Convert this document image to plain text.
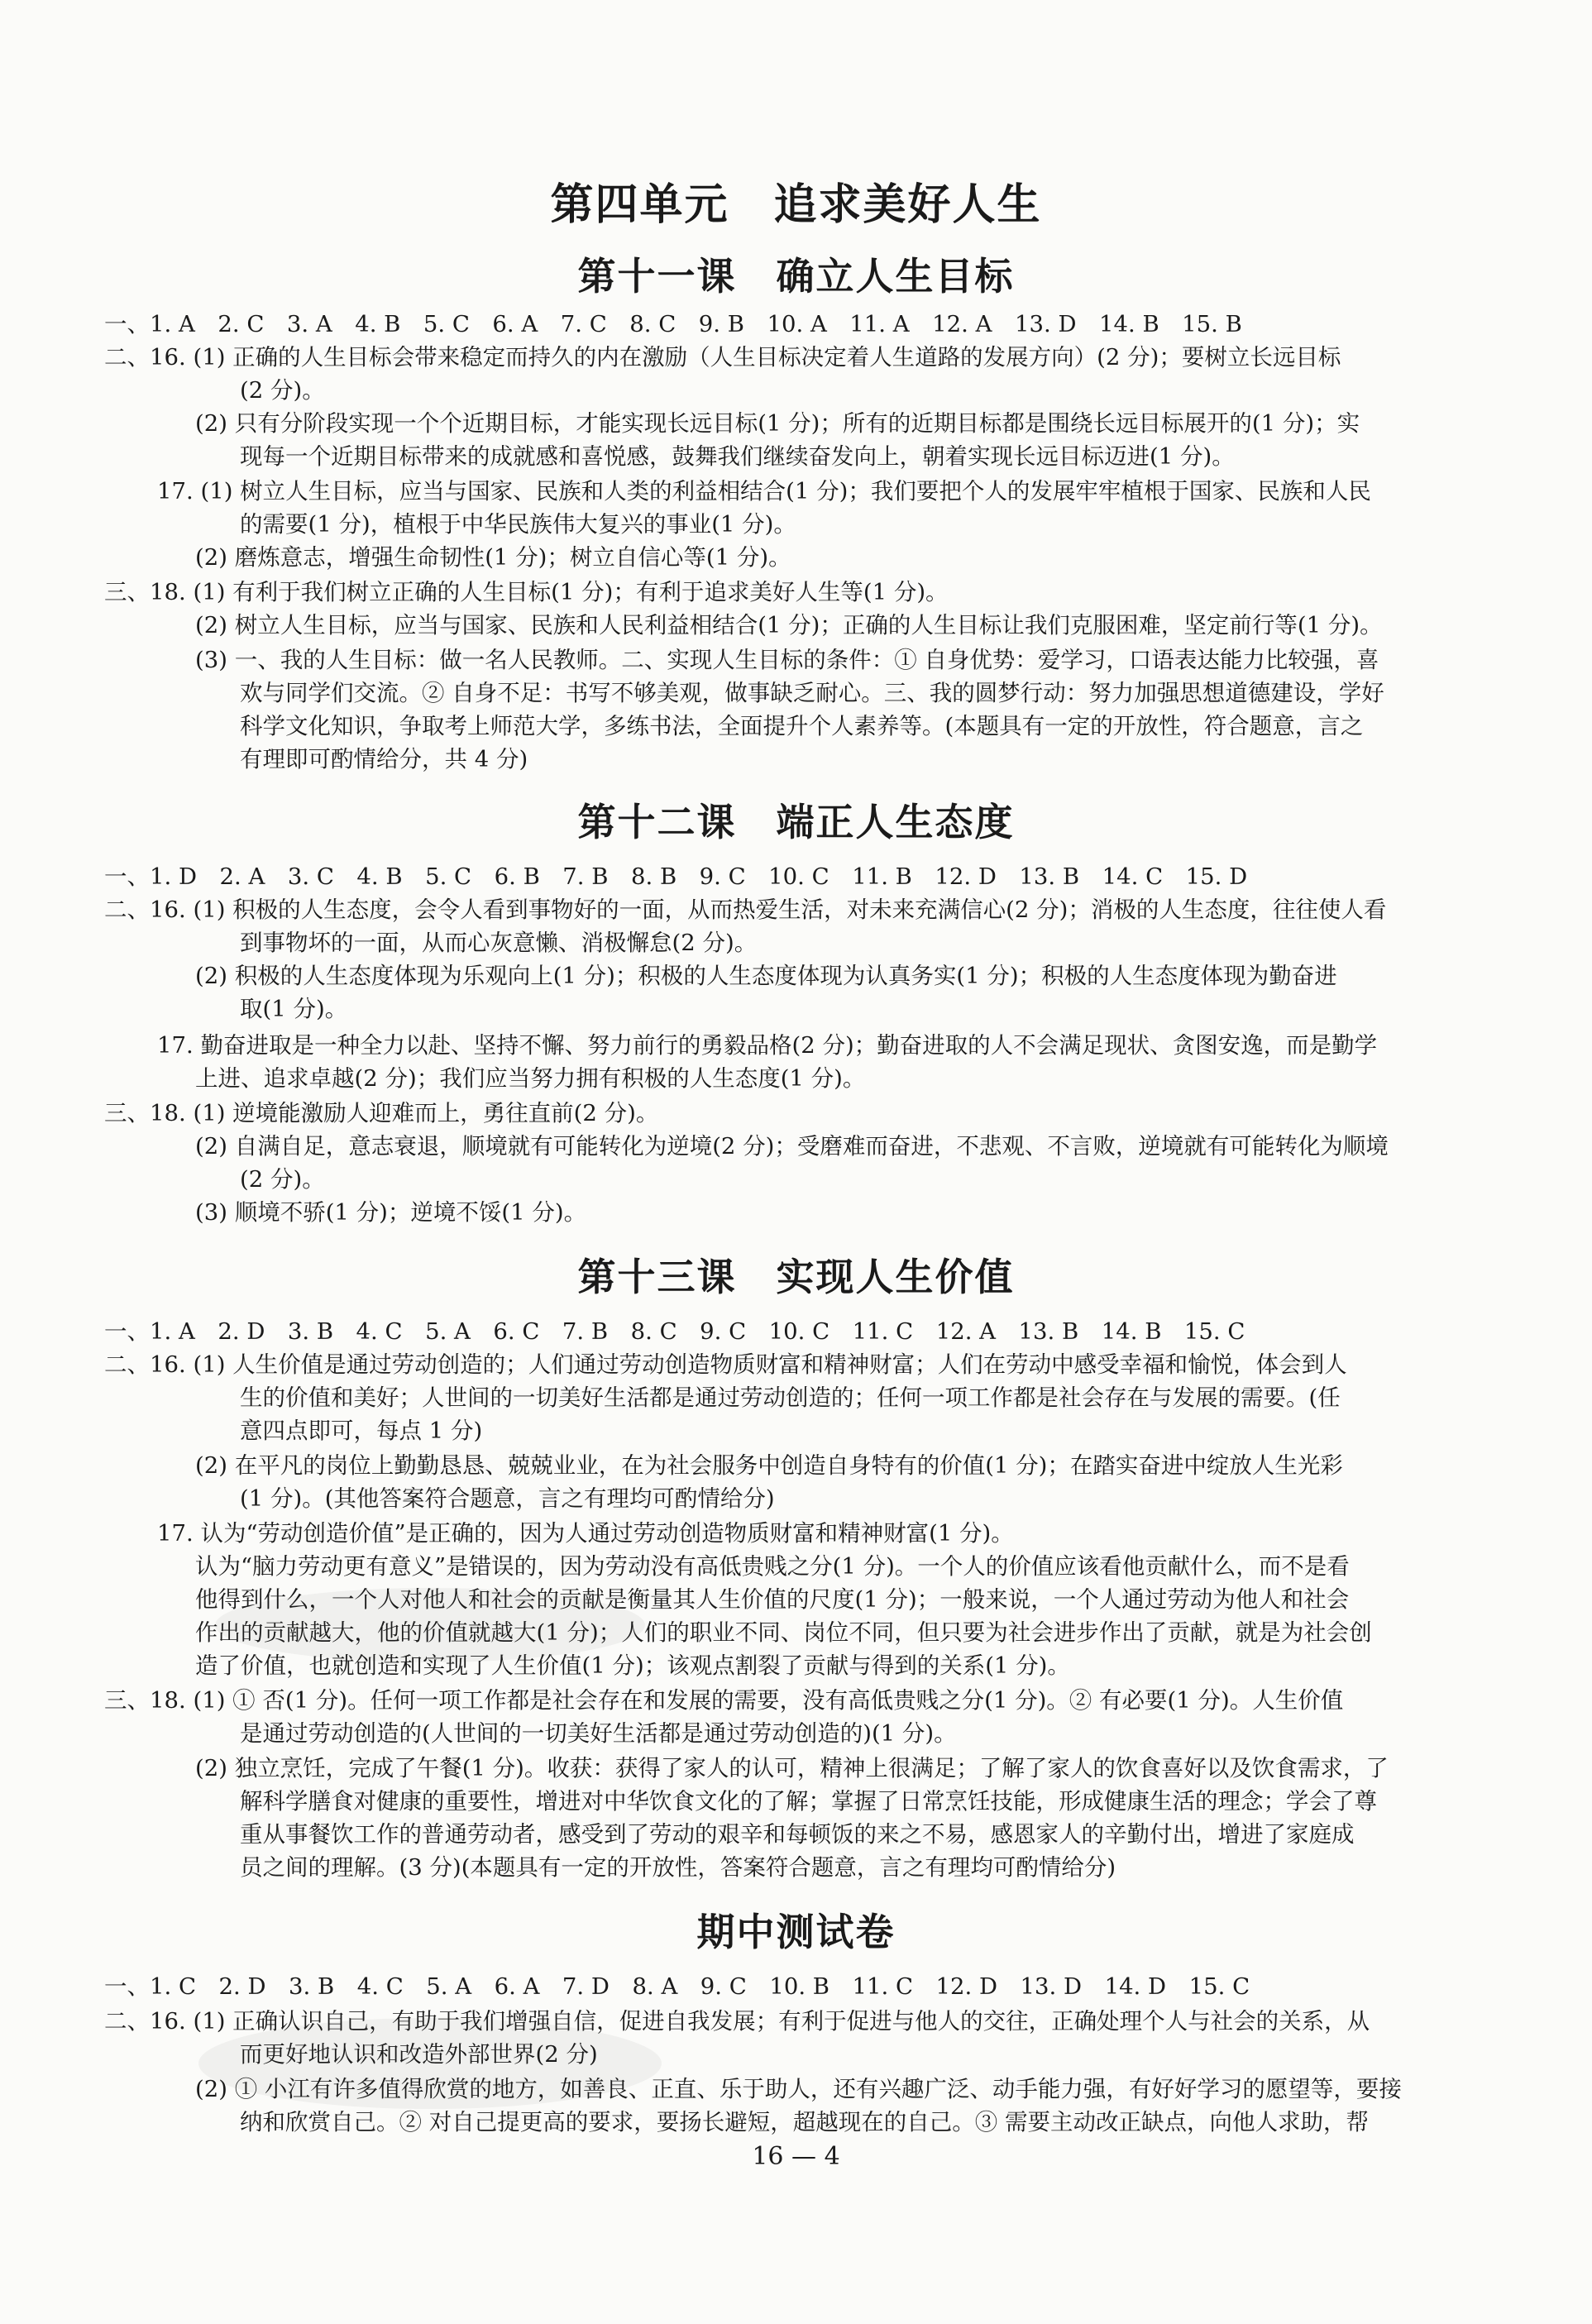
第四单元　追求美好人生
第十一课　确立人生目标
一、1. A　2. C　3. A　4. B　5. C　6. A　7. C　8. C　9. B　10. A　11. A　12. A　13. D　14. B　15. B
二、16. (1) 正确的人生目标会带来稳定而持久的内在激励（人生目标决定着人生道路的发展方向）(2 分)；要树立长远目标
(2 分)。
(2) 只有分阶段实现一个个近期目标，才能实现长远目标(1 分)；所有的近期目标都是围绕长远目标展开的(1 分)；实
现每一个近期目标带来的成就感和喜悦感，鼓舞我们继续奋发向上，朝着实现长远目标迈进(1 分)。
17. (1) 树立人生目标，应当与国家、民族和人类的利益相结合(1 分)；我们要把个人的发展牢牢植根于国家、民族和人民
的需要(1 分)，植根于中华民族伟大复兴的事业(1 分)。
(2) 磨炼意志，增强生命韧性(1 分)；树立自信心等(1 分)。
三、18. (1) 有利于我们树立正确的人生目标(1 分)；有利于追求美好人生等(1 分)。
(2) 树立人生目标，应当与国家、民族和人民利益相结合(1 分)；正确的人生目标让我们克服困难，坚定前行等(1 分)。
(3) 一、我的人生目标：做一名人民教师。二、实现人生目标的条件：① 自身优势：爱学习，口语表达能力比较强，喜
欢与同学们交流。② 自身不足：书写不够美观，做事缺乏耐心。三、我的圆梦行动：努力加强思想道德建设，学好
科学文化知识，争取考上师范大学，多练书法，全面提升个人素养等。(本题具有一定的开放性，符合题意，言之
有理即可酌情给分，共 4 分)
第十二课　端正人生态度
一、1. D　2. A　3. C　4. B　5. C　6. B　7. B　8. B　9. C　10. C　11. B　12. D　13. B　14. C　15. D
二、16. (1) 积极的人生态度，会令人看到事物好的一面，从而热爱生活，对未来充满信心(2 分)；消极的人生态度，往往使人看
到事物坏的一面，从而心灰意懒、消极懈怠(2 分)。
(2) 积极的人生态度体现为乐观向上(1 分)；积极的人生态度体现为认真务实(1 分)；积极的人生态度体现为勤奋进
取(1 分)。
17. 勤奋进取是一种全力以赴、坚持不懈、努力前行的勇毅品格(2 分)；勤奋进取的人不会满足现状、贪图安逸，而是勤学
上进、追求卓越(2 分)；我们应当努力拥有积极的人生态度(1 分)。
三、18. (1) 逆境能激励人迎难而上，勇往直前(2 分)。
(2) 自满自足，意志衰退，顺境就有可能转化为逆境(2 分)；受磨难而奋进，不悲观、不言败，逆境就有可能转化为顺境
(2 分)。
(3) 顺境不骄(1 分)；逆境不馁(1 分)。
第十三课　实现人生价值
一、1. A　2. D　3. B　4. C　5. A　6. C　7. B　8. C　9. C　10. C　11. C　12. A　13. B　14. B　15. C
二、16. (1) 人生价值是通过劳动创造的；人们通过劳动创造物质财富和精神财富；人们在劳动中感受幸福和愉悦，体会到人
生的价值和美好；人世间的一切美好生活都是通过劳动创造的；任何一项工作都是社会存在与发展的需要。(任
意四点即可，每点 1 分)
(2) 在平凡的岗位上勤勤恳恳、兢兢业业，在为社会服务中创造自身特有的价值(1 分)；在踏实奋进中绽放人生光彩
(1 分)。(其他答案符合题意，言之有理均可酌情给分)
17. 认为“劳动创造价值”是正确的，因为人通过劳动创造物质财富和精神财富(1 分)。
认为“脑力劳动更有意义”是错误的，因为劳动没有高低贵贱之分(1 分)。一个人的价值应该看他贡献什么，而不是看
他得到什么，一个人对他人和社会的贡献是衡量其人生价值的尺度(1 分)；一般来说，一个人通过劳动为他人和社会
作出的贡献越大，他的价值就越大(1 分)；人们的职业不同、岗位不同，但只要为社会进步作出了贡献，就是为社会创
造了价值，也就创造和实现了人生价值(1 分)；该观点割裂了贡献与得到的关系(1 分)。
三、18. (1) ① 否(1 分)。任何一项工作都是社会存在和发展的需要，没有高低贵贱之分(1 分)。② 有必要(1 分)。人生价值
是通过劳动创造的(人世间的一切美好生活都是通过劳动创造的)(1 分)。
(2) 独立烹饪，完成了午餐(1 分)。收获：获得了家人的认可，精神上很满足；了解了家人的饮食喜好以及饮食需求，了
解科学膳食对健康的重要性，增进对中华饮食文化的了解；掌握了日常烹饪技能，形成健康生活的理念；学会了尊
重从事餐饮工作的普通劳动者，感受到了劳动的艰辛和每顿饭的来之不易，感恩家人的辛勤付出，增进了家庭成
员之间的理解。(3 分)(本题具有一定的开放性，答案符合题意，言之有理均可酌情给分)
期中测试卷
一、1. C　2. D　3. B　4. C　5. A　6. A　7. D　8. A　9. C　10. B　11. C　12. D　13. D　14. D　15. C
二、16. (1) 正确认识自己，有助于我们增强自信，促进自我发展；有利于促进与他人的交往，正确处理个人与社会的关系，从
而更好地认识和改造外部世界(2 分)
(2) ① 小江有许多值得欣赏的地方，如善良、正直、乐于助人，还有兴趣广泛、动手能力强，有好好学习的愿望等，要接
纳和欣赏自己。② 对自己提更高的要求，要扬长避短，超越现在的自己。③ 需要主动改正缺点，向他人求助，帮
16 — 4
